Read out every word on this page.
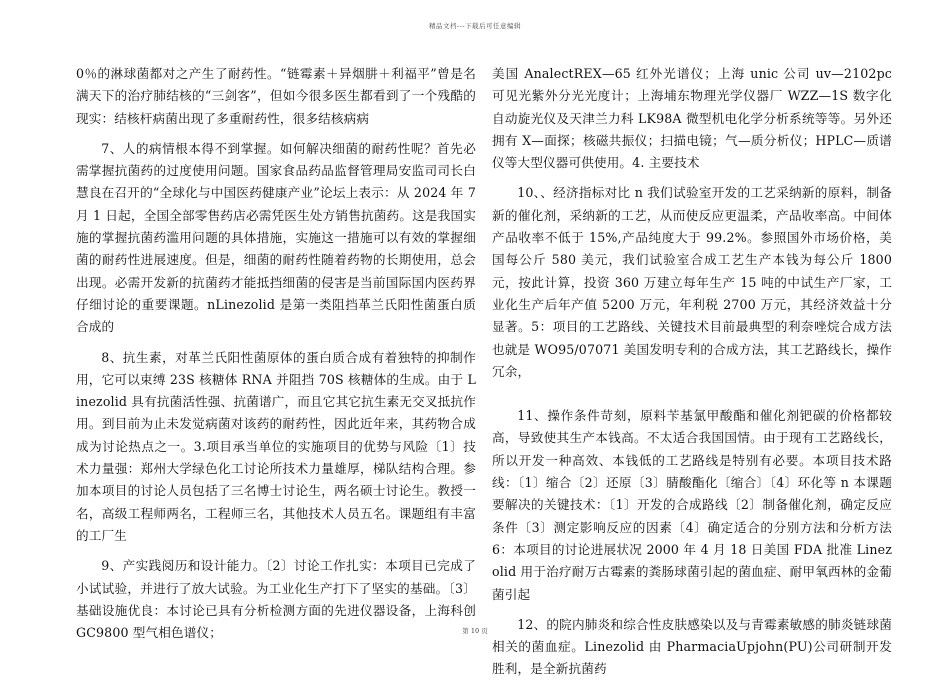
精品文档---下载后可任意编辑

0％的淋球菌都对之产生了耐药性。“链霉素＋异烟肼＋利福平”曾是名满天下的治疗肺结核的“三剑客”，但如今很多医生都看到了一个残酷的现实：结核杆病菌出现了多重耐药性，很多结核病病

7、人的病情根本得不到掌握。如何解决细菌的耐药性呢？首先必需掌握抗菌药的过度使用问题。国家食品药品监督管理局安监司司长白慧良在召开的“全球化与中国医药健康产业”论坛上表示：从 2024 年 7 月 1 日起，全国全部零售药店必需凭医生处方销售抗菌药。这是我国实施的掌握抗菌药滥用问题的具体措施，实施这一措施可以有效的掌握细菌的耐药性进展速度。但是，细菌的耐药性随着药物的长期使用，总会出现。必需开发新的抗菌药才能抵挡细菌的侵害是当前国际国内医药界仔细讨论的重要课题。nLinezolid 是第一类阻挡革兰氏阳性菌蛋白质合成的

8、抗生素，对革兰氏阳性菌原体的蛋白质合成有着独特的抑制作用，它可以束缚 23S 核糖体 RNA 并阻挡 70S 核糖体的生成。由于 Linezolid 具有抗菌活性强、抗菌谱广，而且它其它抗生素无交叉抵抗作用。到目前为止未发觉病菌对该药的耐药性，因此近年来，其药物合成成为讨论热点之一。3.项目承当单位的实施项目的优势与风险〔1〕技术力量强：郑州大学绿色化工讨论所技术力量雄厚，梯队结构合理。参加本项目的讨论人员包括了三名博士讨论生，两名硕士讨论生。教授一名，高级工程师两名，工程师三名，其他技术人员五名。课题组有丰富的工厂生

9、产实践阅历和设计能力。〔2〕讨论工作扎实：本项目已完成了小试试验，并进行了放大试验。为工业化生产打下了坚实的基础。〔3〕基础设施优良：本讨论已具有分析检测方面的先进仪器设备，上海科创 GC9800 型气相色谱仪；

美国 AnalectREX—65 红外光谱仪；上海 unic 公司 uv—2102pc 可见光紫外分光光度计；上海埔东物理光学仪器厂 WZZ—1S 数字化自动旋光仪及天津兰力科 LK98A 微型机电化学分析系统等等。另外还拥有 X—面探；核磁共振仪；扫描电镜；气—质分析仪；HPLC—质谱仪等大型仪器可供使用。4. 主要技术

10、、经济指标对比 n 我们试验室开发的工艺采纳新的原料，制备新的催化剂，采纳新的工艺，从而使反应更温柔，产品收率高。中间体产品收率不低于 15%,产品纯度大于 99.2%。参照国外市场价格，美国每公斤 580 美元，我们试验室合成工艺生产本钱为每公斤 1800 元，按此计算，投资 360 万建立每年生产 15 吨的中试生产厂家，工业化生产后年产值 5200 万元，年利税 2700 万元，其经济效益十分显著。5：项目的工艺路线、关键技术目前最典型的利奈唑烷合成方法也就是 WO95/07071 美国发明专利的合成方法，其工艺路线长，操作冗余，

11、操作条件苛刻，原料苄基氯甲酸酯和催化剂钯碳的价格都较高，导致使其生产本钱高。不太适合我国国情。由于现有工艺路线长，所以开发一种高效、本钱低的工艺路线是特别有必要。本项目技术路线：〔1〕缩合〔2〕还原〔3〕腈酸酯化〔缩合〕〔4〕环化等 n 本课题要解决的关键技术：〔1〕开发的合成路线〔2〕制备催化剂，确定反应条件〔3〕测定影响反应的因素〔4〕确定适合的分别方法和分析方法 6：本项目的讨论进展状况 2000 年 4 月 18 日美国 FDA 批准 Linezolid 用于治疗耐万古霉素的粪肠球菌引起的菌血症、耐甲氧西林的金葡菌引起

12、的院内肺炎和综合性皮肤感染以及与青霉素敏感的肺炎链球菌相关的菌血症。Linezolid 由 PharmaciaUpjohn(PU)公司研制开发胜利，是全新抗菌药

第 10 页
